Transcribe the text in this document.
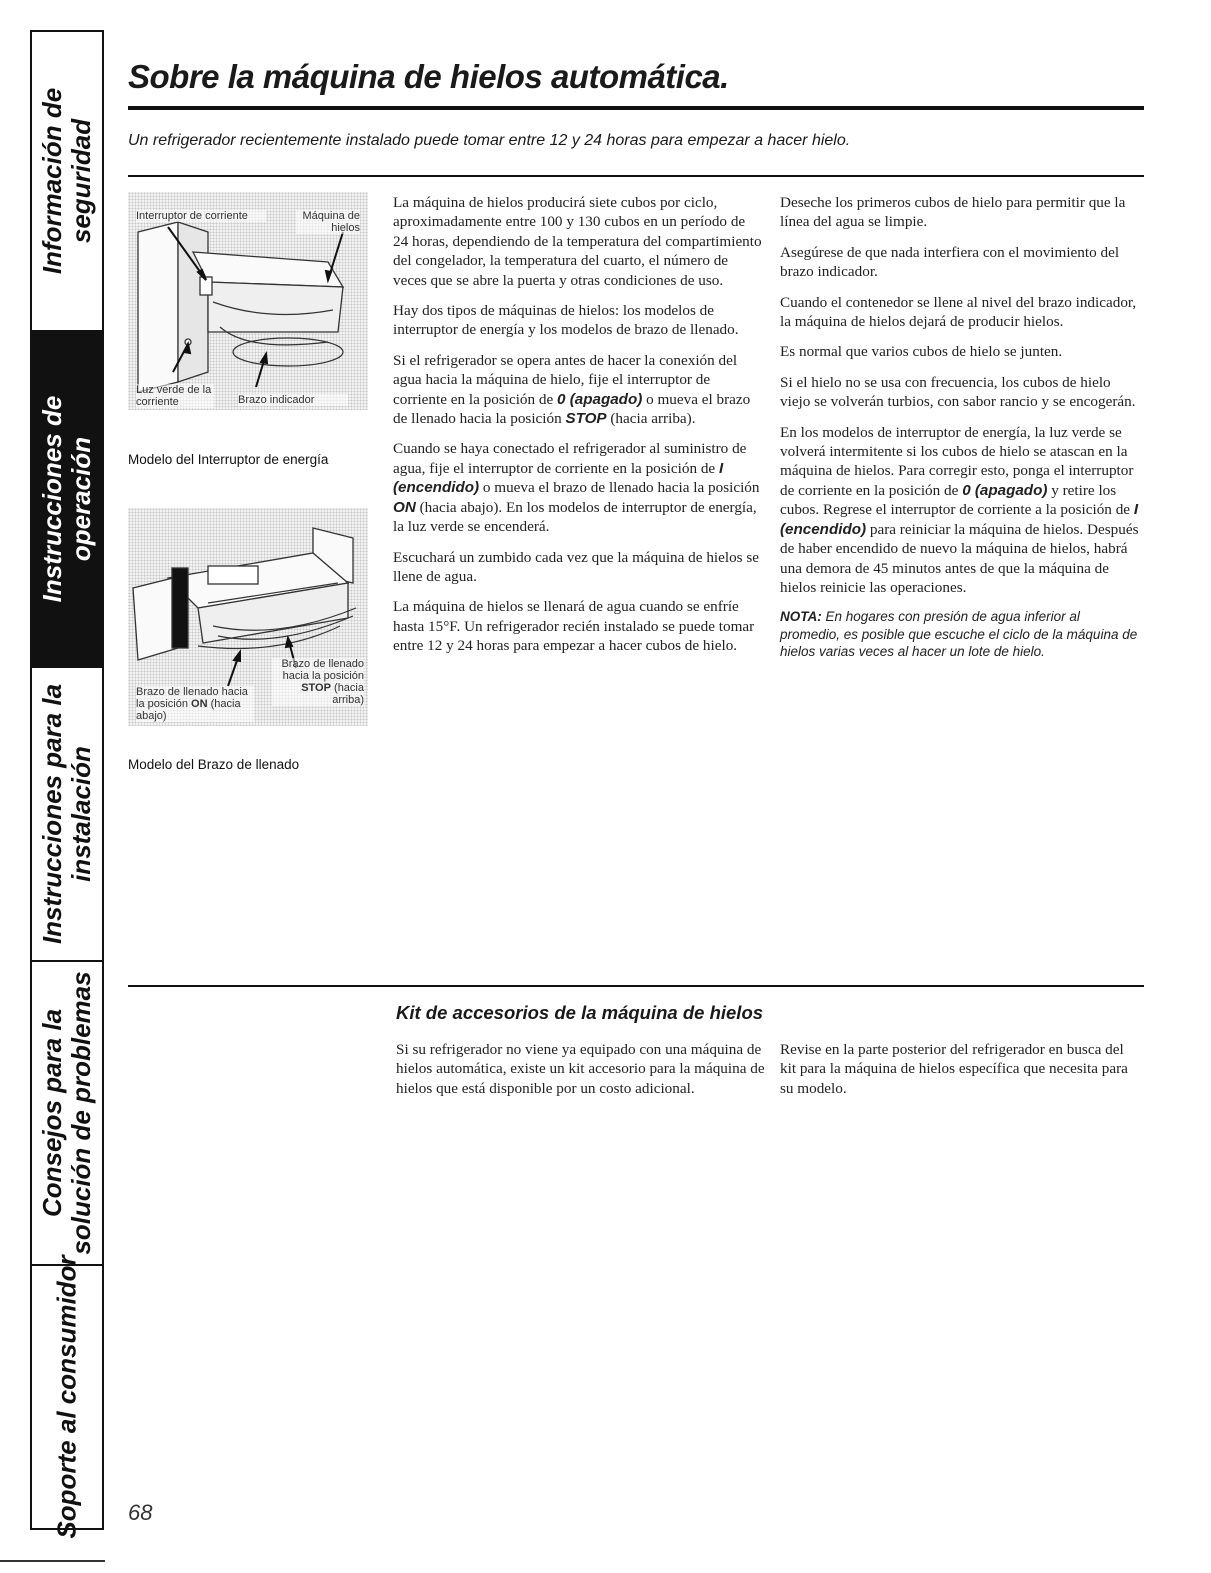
Información de seguridad
Instrucciones de operación
Instrucciones para la instalación
Consejos para la solución de problemas
Soporte al consumidor
Sobre la máquina de hielos automática.
Un refrigerador recientemente instalado puede tomar entre 12 y 24 horas para empezar a hacer hielo.
Interruptor de corriente	Máquina de hielos
Luz verde de la corriente	Brazo indicador
Modelo del Interruptor de energía
Brazo de llenado hacia la posición ON (hacia abajo)
Brazo de llenado hacia la posición STOP (hacia arriba)
Modelo del Brazo de llenado

La máquina de hielos producirá siete cubos por ciclo, aproximadamente entre 100 y 130 cubos en un período de 24 horas, dependiendo de la temperatura del compartimiento del congelador, la temperatura del cuarto, el número de veces que se abre la puerta y otras condiciones de uso.

Hay dos tipos de máquinas de hielos: los modelos de interruptor de energía y los modelos de brazo de llenado.

Si el refrigerador se opera antes de hacer la conexión del agua hacia la máquina de hielo, fije el interruptor de corriente en la posición de 0 (apagado) o mueva el brazo de llenado hacia la posición STOP (hacia arriba).

Cuando se haya conectado el refrigerador al suministro de agua, fije el interruptor de corriente en la posición de I (encendido) o mueva el brazo de llenado hacia la posición ON (hacia abajo). En los modelos de interruptor de energía, la luz verde se encenderá.

Escuchará un zumbido cada vez que la máquina de hielos se llene de agua.

La máquina de hielos se llenará de agua cuando se enfríe hasta 15°F. Un refrigerador recién instalado se puede tomar entre 12 y 24 horas para empezar a hacer cubos de hielo.

Deseche los primeros cubos de hielo para permitir que la línea del agua se limpie.

Asegúrese de que nada interfiera con el movimiento del brazo indicador.

Cuando el contenedor se llene al nivel del brazo indicador, la máquina de hielos dejará de producir hielos.

Es normal que varios cubos de hielo se junten.

Si el hielo no se usa con frecuencia, los cubos de hielo viejo se volverán turbios, con sabor rancio y se encogerán.

En los modelos de interruptor de energía, la luz verde se volverá intermitente si los cubos de hielo se atascan en la máquina de hielos. Para corregir esto, ponga el interruptor de corriente en la posición de 0 (apagado) y retire los cubos. Regrese el interruptor de corriente a la posición de I (encendido) para reiniciar la máquina de hielos. Después de haber encendido de nuevo la máquina de hielos, habrá una demora de 45 minutos antes de que la máquina de hielos reinicie las operaciones.

NOTA: En hogares con presión de agua inferior al promedio, es posible que escuche el ciclo de la máquina de hielos varias veces al hacer un lote de hielo.

Kit de accesorios de la máquina de hielos

Si su refrigerador no viene ya equipado con una máquina de hielos automática, existe un kit accesorio para la máquina de hielos que está disponible por un costo adicional.

Revise en la parte posterior del refrigerador en busca del kit para la máquina de hielos específica que necesita para su modelo.

68
